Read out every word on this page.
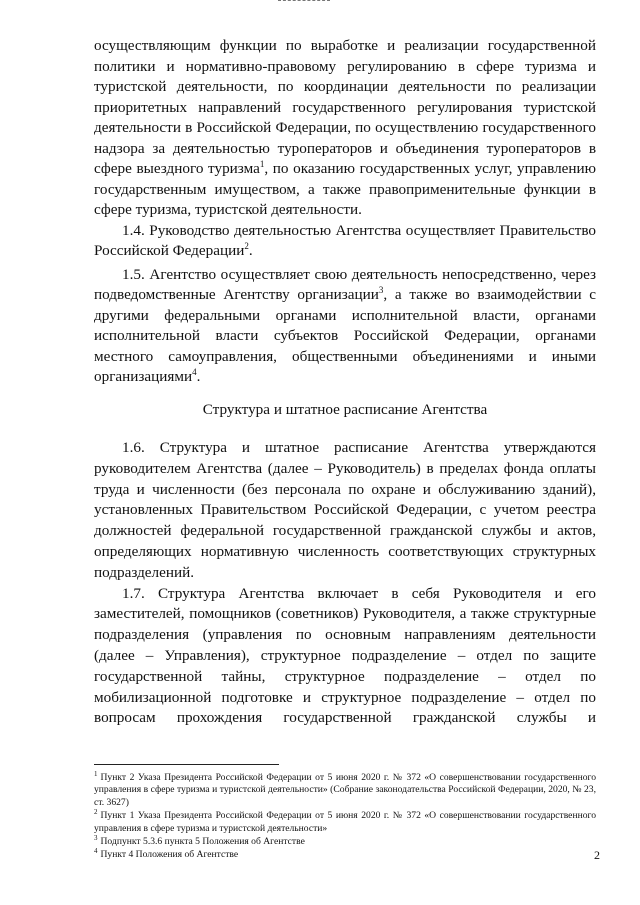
осуществляющим функции по выработке и реализации государственной

политики и нормативно-правовому регулированию в сфере туризма и

туристской деятельности, по координации деятельности по реализации

приоритетных направлений государственного регулирования туристской

деятельности в Российской Федерации, по осуществлению государственного

надзора за деятельностью туроператоров и объединения туроператоров в

сфере выездного туризма$^1$, по оказанию государственных услуг, управлению

государственным имуществом, а также правоприменительные функции в

сфере туризма, туристской деятельности.

1.4. Руководство деятельностью Агентства осуществляет Правительство

Российской Федерации$^2$.

1.5. Агентство осуществляет свою деятельность непосредственно, через

подведомственные Агентству организации$^3$, а также во взаимодействии с

другими федеральными органами исполнительной власти, органами

исполнительной власти субъектов Российской Федерации, органами

местного самоуправления, общественными объединениями и иными

организациями$^4$.

Структура и штатное расписание Агентства

1.6. Структура и штатное расписание Агентства утверждаются

руководителем Агентства (далее – Руководитель) в пределах фонда оплаты

труда и численности (без персонала по охране и обслуживанию зданий),

установленных Правительством Российской Федерации, с учетом реестра

должностей федеральной государственной гражданской службы и актов,

определяющих нормативную численность соответствующих структурных

подразделений.

1.7. Структура Агентства включает в себя Руководителя и его

заместителей, помощников (советников) Руководителя, а также структурные

подразделения (управления по основным направлениям деятельности

(далее – Управления), структурное подразделение – отдел по защите

государственной тайны, структурное подразделение – отдел по

мобилизационной подготовке и структурное подразделение – отдел по

вопросам прохождения государственной гражданской службы и

$^1$ Пункт 2 Указа Президента Российской Федерации от 5 июня 2020 г. № 372 «О совершенствовании государственного управления в сфере туризма и туристской деятельности» (Собрание законодательства Российской Федерации, 2020, № 23, ст. 3627)

$^2$ Пункт 1 Указа Президента Российской Федерации от 5 июня 2020 г. № 372 «О совершенствовании государственного управления в сфере туризма и туристской деятельности»

$^3$ Подпункт 5.3.6 пункта 5 Положения об Агентстве

$^4$ Пункт 4 Положения об Агентстве	2
